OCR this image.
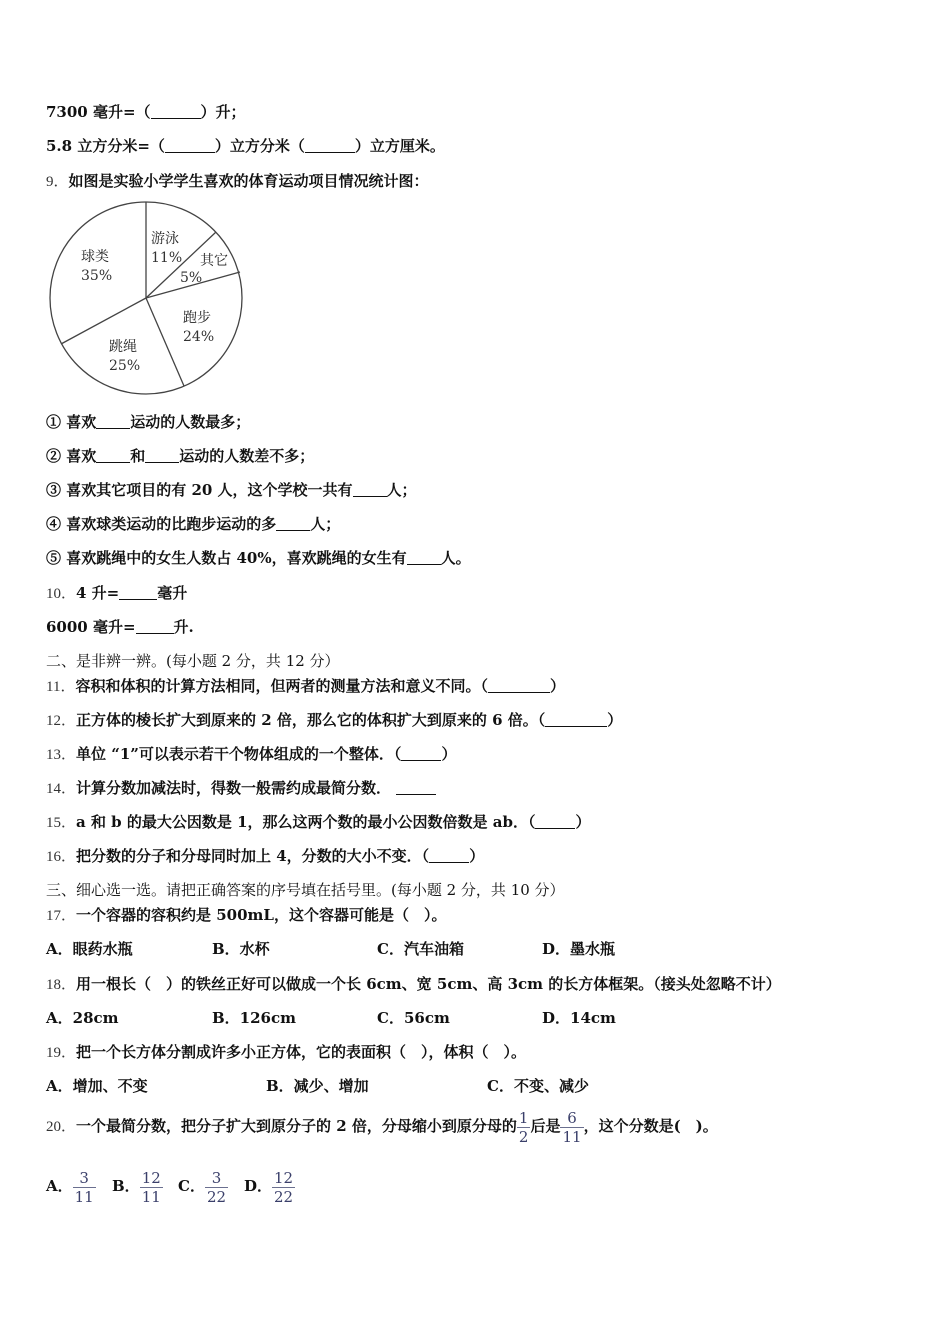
7300 毫升=（	）升；
5.8 立方分米=（	）立方分米（	）立方厘米。
9．如图是实验小学学生喜欢的体育运动项目情况统计图：
游泳
11% 其它
5%
跑步
24%
跳绳
25%
球类
35%
① 喜欢 运动的人数最多；
② 喜欢 和 运动的人数差不多；
③ 喜欢其它项目的有 20 人，这个学校一共有 人；
④ 喜欢球类运动的比跑步运动的多 人；
⑤ 喜欢跳绳中的女生人数占 40%，喜欢跳绳的女生有 人。
10．4 升=	毫升
6000 毫升=	升.
二、是非辨一辨。(每小题 2 分，共 12 分）
11．容积和体积的计算方法相同，但两者的测量方法和意义不同。（	）
12．正方体的棱长扩大到原来的 2 倍，那么它的体积扩大到原来的 6 倍。（	）
13．单位 “1”可以表示若干个物体组成的一个整体．（	）
14．计算分数加减法时，得数一般需约成最简分数．
15．a 和 b 的最大公因数是 1，那么这两个数的最小公因数倍数是 ab．（	）
16．把分数的分子和分母同时加上 4，分数的大小不变．（	）
三、细心选一选。请把正确答案的序号填在括号里。(每小题 2 分，共 10 分）
17．一个容器的容积约是 500mL，这个容器可能是（　）。
A．眼药水瓶	B．水杯	C．汽车油箱	D．墨水瓶
18．用一根长（　）的铁丝正好可以做成一个长 6cm、宽 5cm、高 3cm 的长方体框架。（接头处忽略不计）
A．28cm	B．126cm	C．56cm	D．14cm
19．把一个长方体分割成许多小正方体，它的表面积（　），体积（　）。
A．增加、不变	B．减少、增加	C．不变、减少
20．一个最简分数，把分子扩大到原分子的 2 倍，分母缩小到原分母的 $\frac{1}{2}$ 后是 $\frac{6}{11}$ ，这个分数是(　)。
A． $\frac{3}{11}$ B． $\frac{12}{11}$ C． $\frac{3}{22}$ D． $\frac{12}{22}$
